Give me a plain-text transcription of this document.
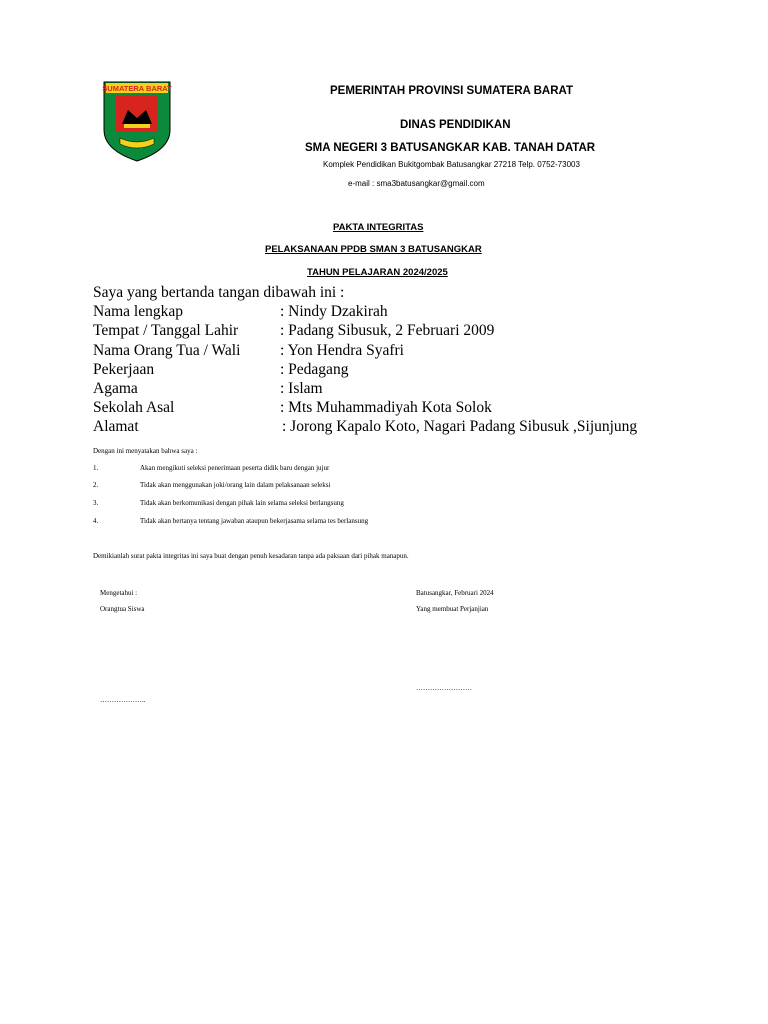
SUMATERA BARAT	PEMERINTAH PROVINSI SUMATERA BARAT
DINAS PENDIDIKAN
SMA NEGERI 3 BATUSANGKAR KAB. TANAH DATAR
Komplek Pendidikan Bukitgombak Batusangkar 27218 Telp. 0752-73003
e-mail : sma3batusangkar@gmail.com
PAKTA INTEGRITAS
PELAKSANAAN PPDB SMAN 3 BATUSANGKAR
TAHUN PELAJARAN 2024/2025
Saya yang bertanda tangan dibawah ini :
Nama lengkap	: Nindy Dzakirah
Tempat / Tanggal Lahir	: Padang Sibusuk, 2 Februari 2009
Nama Orang Tua / Wali	: Yon Hendra Syafri
Pekerjaan	: Pedagang
Agama	: Islam
Sekolah Asal	: Mts Muhammadiyah Kota Solok
Alamat	: Jorong Kapalo Koto, Nagari Padang Sibusuk ,Sijunjung
Dengan ini menyatakan bahwa saya :
1.	Akan mengikuti seleksi penerimaan peserta didik baru dengan jujur
2.	Tidak akan menggunakan joki/orang lain dalam pelaksanaan seleksi
3.	Tidak akan berkomunikasi dengan pihak lain selama seleksi berlangsung
4.	Tidak akan bertanya tentang jawaban ataupun bekerjasama selama tes berlansung
Demikianlah surat pakta integritas ini saya buat dengan penuh kesadaran tanpa ada paksaan dari pihak manapun.
Mengetahui :
Orangtua Siswa
………………..
Batusangkar, Februari 2024
Yang membuat Perjanjian
……………………
